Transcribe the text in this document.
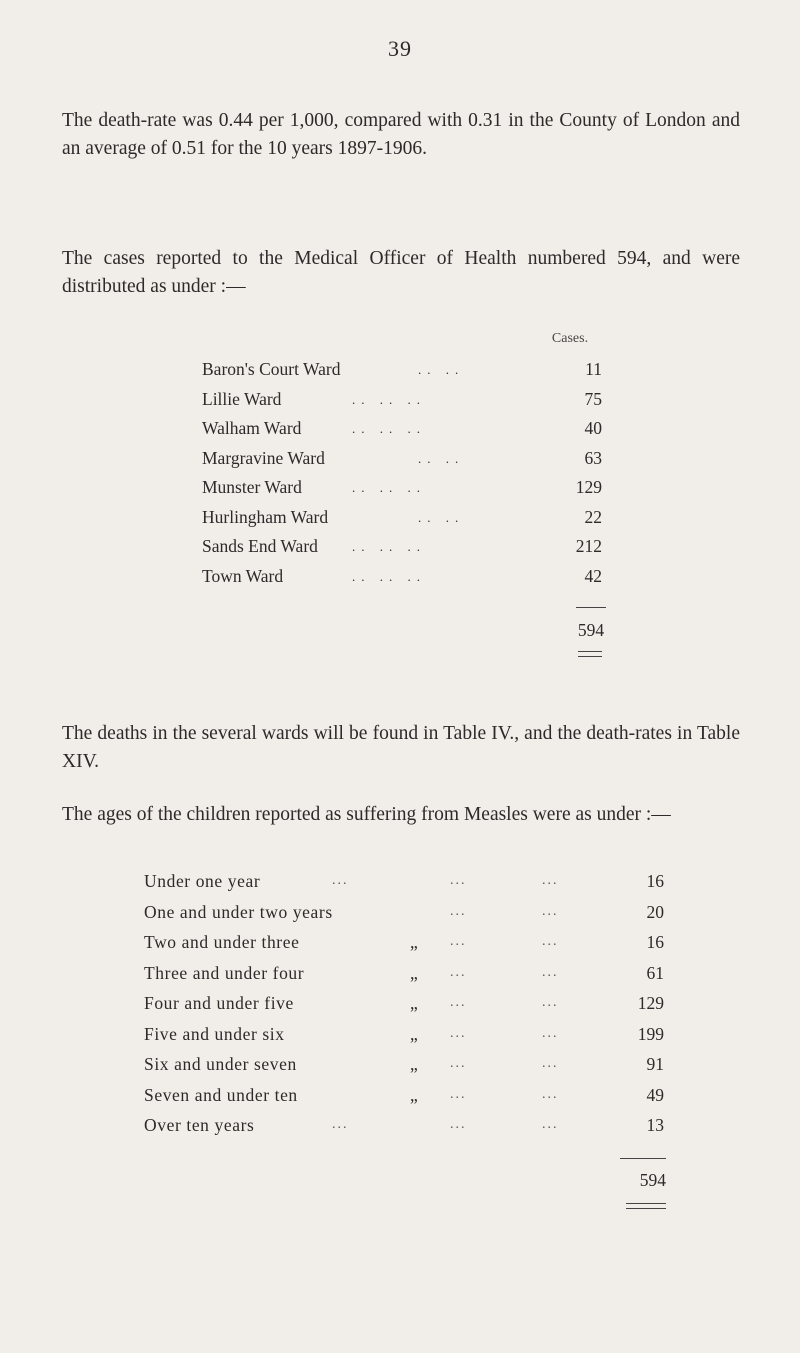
39

The death-rate was 0.44 per 1,000, compared with 0.31 in the County of London and an average of 0.51 for the 10 years 1897-1906.

The cases reported to the Medical Officer of Health numbered 594, and were distributed as under :—

Cases.
Baron's Court Ward	.. ..	11
Lillie Ward	.. .. ..	75
Walham Ward	.. .. ..	40
Margravine Ward	.. ..	63
Munster Ward	.. .. ..	129
Hurlingham Ward	.. ..	22
Sands End Ward	.. .. ..	212
Town Ward	.. .. ..	42
594

The deaths in the several wards will be found in Table IV., and the death-rates in Table XIV.

The ages of the children reported as suffering from Measles were as under :—

Under one year	...	...	...	16
One and under two years	...	...	20
Two and under three	„ ...	...	16
Three and under four	„ ...	...	61
Four and under five	„ ...	...	129
Five and under six	„ ...	...	199
Six and under seven	„ ...	...	91
Seven and under ten	„ ...	...	49
Over ten years	...	...	...	13
594
